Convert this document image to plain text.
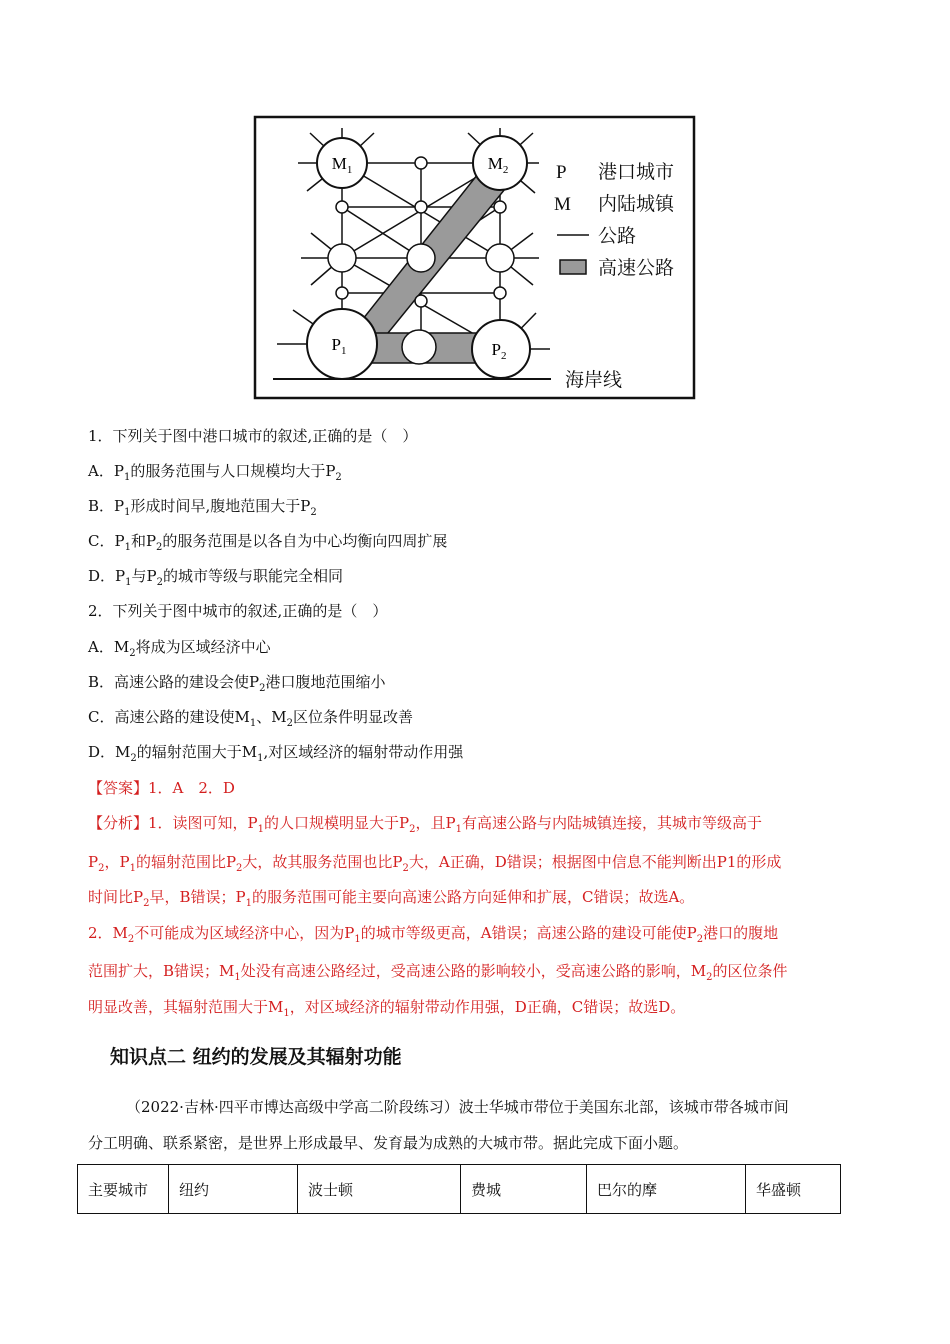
$M_1$	$M_2$
$P_1$	$P_2$
P 港口城市
M 内陆城镇
公路
高速公路
海岸线
1．下列关于图中港口城市的叙述,正确的是（　）
A．$P_1$的服务范围与人口规模均大于$P_2$
B．$P_1$形成时间早,腹地范围大于$P_2$
C．$P_1$和$P_2$的服务范围是以各自为中心均衡向四周扩展
D．$P_1$与$P_2$的城市等级与职能完全相同
2．下列关于图中城市的叙述,正确的是（　）
A．$M_2$将成为区域经济中心
B．高速公路的建设会使$P_2$港口腹地范围缩小
C．高速公路的建设使$M_1$、$M_2$区位条件明显改善
D．$M_2$的辐射范围大于$M_1$,对区域经济的辐射带动作用强
【答案】1．A　2．D
【分析】1．读图可知，$P_1$的人口规模明显大于$P_2$，且$P_1$有高速公路与内陆城镇连接，其城市等级高于
$P_2$，$P_1$的辐射范围比$P_2$大，故其服务范围也比$P_2$大，A正确，D错误；根据图中信息不能判断出P1的形成
时间比$P_2$早，B错误；$P_1$的服务范围可能主要向高速公路方向延伸和扩展，C错误；故选A。
2．$M_2$不可能成为区域经济中心，因为$P_1$的城市等级更高，A错误；高速公路的建设可能使$P_2$港口的腹地
范围扩大，B错误；$M_1$处没有高速公路经过，受高速公路的影响较小，受高速公路的影响，$M_2$的区位条件
明显改善，其辐射范围大于$M_1$，对区域经济的辐射带动作用强，D正确，C错误；故选D。
知识点二 纽约的发展及其辐射功能
（2022·吉林·四平市博达高级中学高二阶段练习）波士华城市带位于美国东北部，该城市带各城市间
分工明确、联系紧密，是世界上形成最早、发育最为成熟的大城市带。据此完成下面小题。
主要城市	纽约	波士顿	费城	巴尔的摩	华盛顿
